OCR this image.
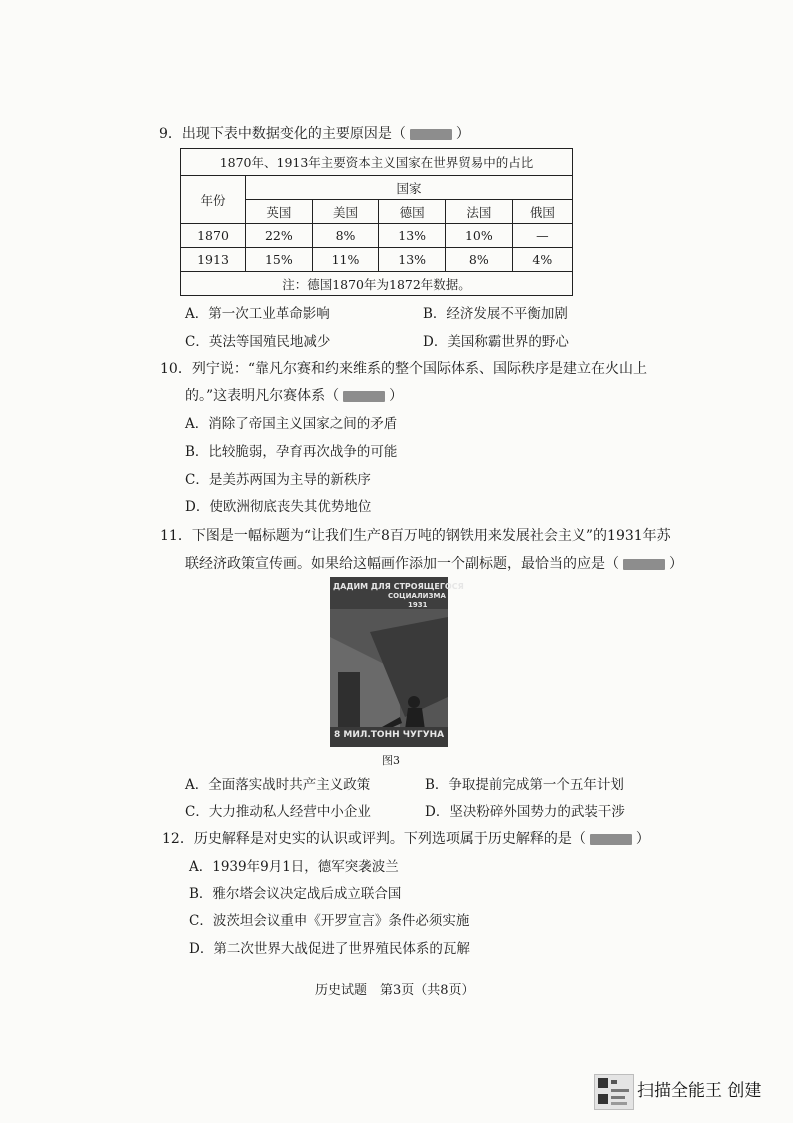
9．出现下表中数据变化的主要原因是（	）
1870年、1913年主要资本主义国家在世界贸易中的占比					
年份	国家				
	英国	美国	德国	法国	俄国
1870	22%	8%	13%	10%	—
1913	15%	11%	13%	8%	4%
注：德国1870年为1872年数据。					
A．第一次工业革命影响	B．经济发展不平衡加剧
C．英法等国殖民地减少	D．美国称霸世界的野心
10．列宁说：“靠凡尔赛和约来维系的整个国际体系、国际秩序是建立在火山上
的。”这表明凡尔赛体系（	）
A．消除了帝国主义国家之间的矛盾
B．比较脆弱，孕育再次战争的可能
C．是美苏两国为主导的新秩序
D．使欧洲彻底丧失其优势地位
11．下图是一幅标题为“让我们生产8百万吨的钢铁用来发展社会主义”的1931年苏
联经济政策宣传画。如果给这幅画作添加一个副标题，最恰当的应是（	）
ДАДИМ ДЛЯ СТРОЯЩЕГОСЯ
СОЦИАЛИЗМА
1931
8 МИЛ.ТОНН ЧУГУНА
图3
A．全面落实战时共产主义政策	B．争取提前完成第一个五年计划
C．大力推动私人经营中小企业	D．坚决粉碎外国势力的武装干涉
12．历史解释是对史实的认识或评判。下列选项属于历史解释的是（	）
A．1939年9月1日，德军突袭波兰
B．雅尔塔会议决定战后成立联合国
C．波茨坦会议重申《开罗宣言》条件必须实施
D．第二次世界大战促进了世界殖民体系的瓦解
历史试题　第3页（共8页）
扫描全能王 创建
